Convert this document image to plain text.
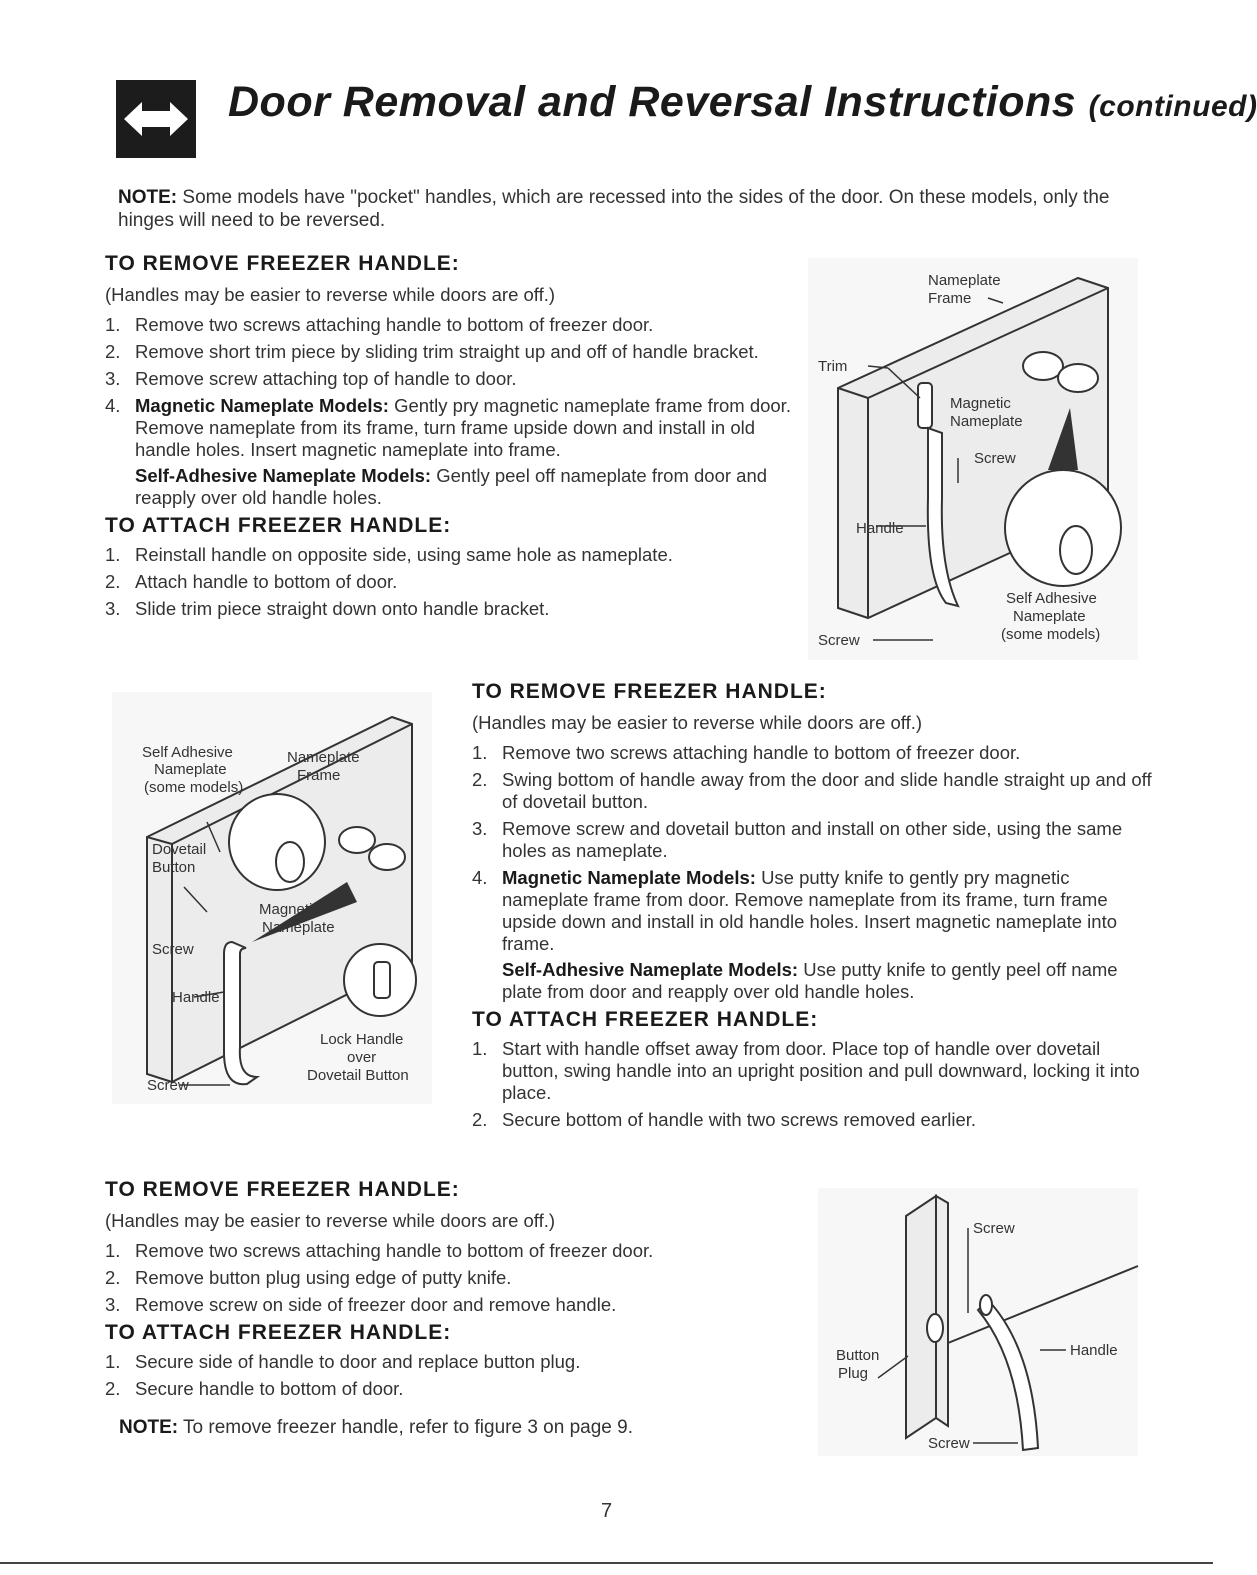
Door Removal and Reversal Instructions (continued)
NOTE: Some models have "pocket" handles, which are recessed into the sides of the door. On these models, only the hinges will need to be reversed.
TO REMOVE FREEZER HANDLE:
(Handles may be easier to reverse while doors are off.)
1. Remove two screws attaching handle to bottom of freezer door.
2. Remove short trim piece by sliding trim straight up and off of handle bracket.
3. Remove screw attaching top of handle to door.
4. Magnetic Nameplate Models: Gently pry magnetic nameplate frame from door. Remove nameplate from its frame, turn frame upside down and install in old handle holes. Insert magnetic nameplate into frame.
Self-Adhesive Nameplate Models: Gently peel off nameplate from door and reapply over old handle holes.
TO ATTACH FREEZER HANDLE:
1. Reinstall handle on opposite side, using same hole as nameplate.
2. Attach handle to bottom of door.
3. Slide trim piece straight down onto handle bracket.
Nameplate
Frame
Trim
Magnetic
Nameplate
Screw
Handle
Self Adhesive
Nameplate
(some models)
Screw
Self Adhesive
Nameplate
(some models)
Nameplate
Frame
Dovetail
Button
Magnetic
Nameplate
Screw
Handle
Lock Handle
over
Dovetail Button
Screw
TO REMOVE FREEZER HANDLE:
(Handles may be easier to reverse while doors are off.)
1. Remove two screws attaching handle to bottom of freezer door.
2. Swing bottom of handle away from the door and slide handle straight up and off of dovetail button.
3. Remove screw and dovetail button and install on other side, using the same holes as nameplate.
4. Magnetic Nameplate Models: Use putty knife to gently pry magnetic nameplate frame from door. Remove nameplate from its frame, turn frame upside down and install in old handle holes. Insert magnetic nameplate into frame.
Self-Adhesive Nameplate Models: Use putty knife to gently peel off name plate from door and reapply over old handle holes.
TO ATTACH FREEZER HANDLE:
1. Start with handle offset away from door. Place top of handle over dovetail button, swing handle into an upright position and pull downward, locking it into place.
2. Secure bottom of handle with two screws removed earlier.
TO REMOVE FREEZER HANDLE:
(Handles may be easier to reverse while doors are off.)
1. Remove two screws attaching handle to bottom of freezer door.
2. Remove button plug using edge of putty knife.
3. Remove screw on side of freezer door and remove handle.
TO ATTACH FREEZER HANDLE:
1. Secure side of handle to door and replace button plug.
2. Secure handle to bottom of door.
NOTE: To remove freezer handle, refer to figure 3 on page 9.
Screw
Button
Plug
Handle
Screw
7
